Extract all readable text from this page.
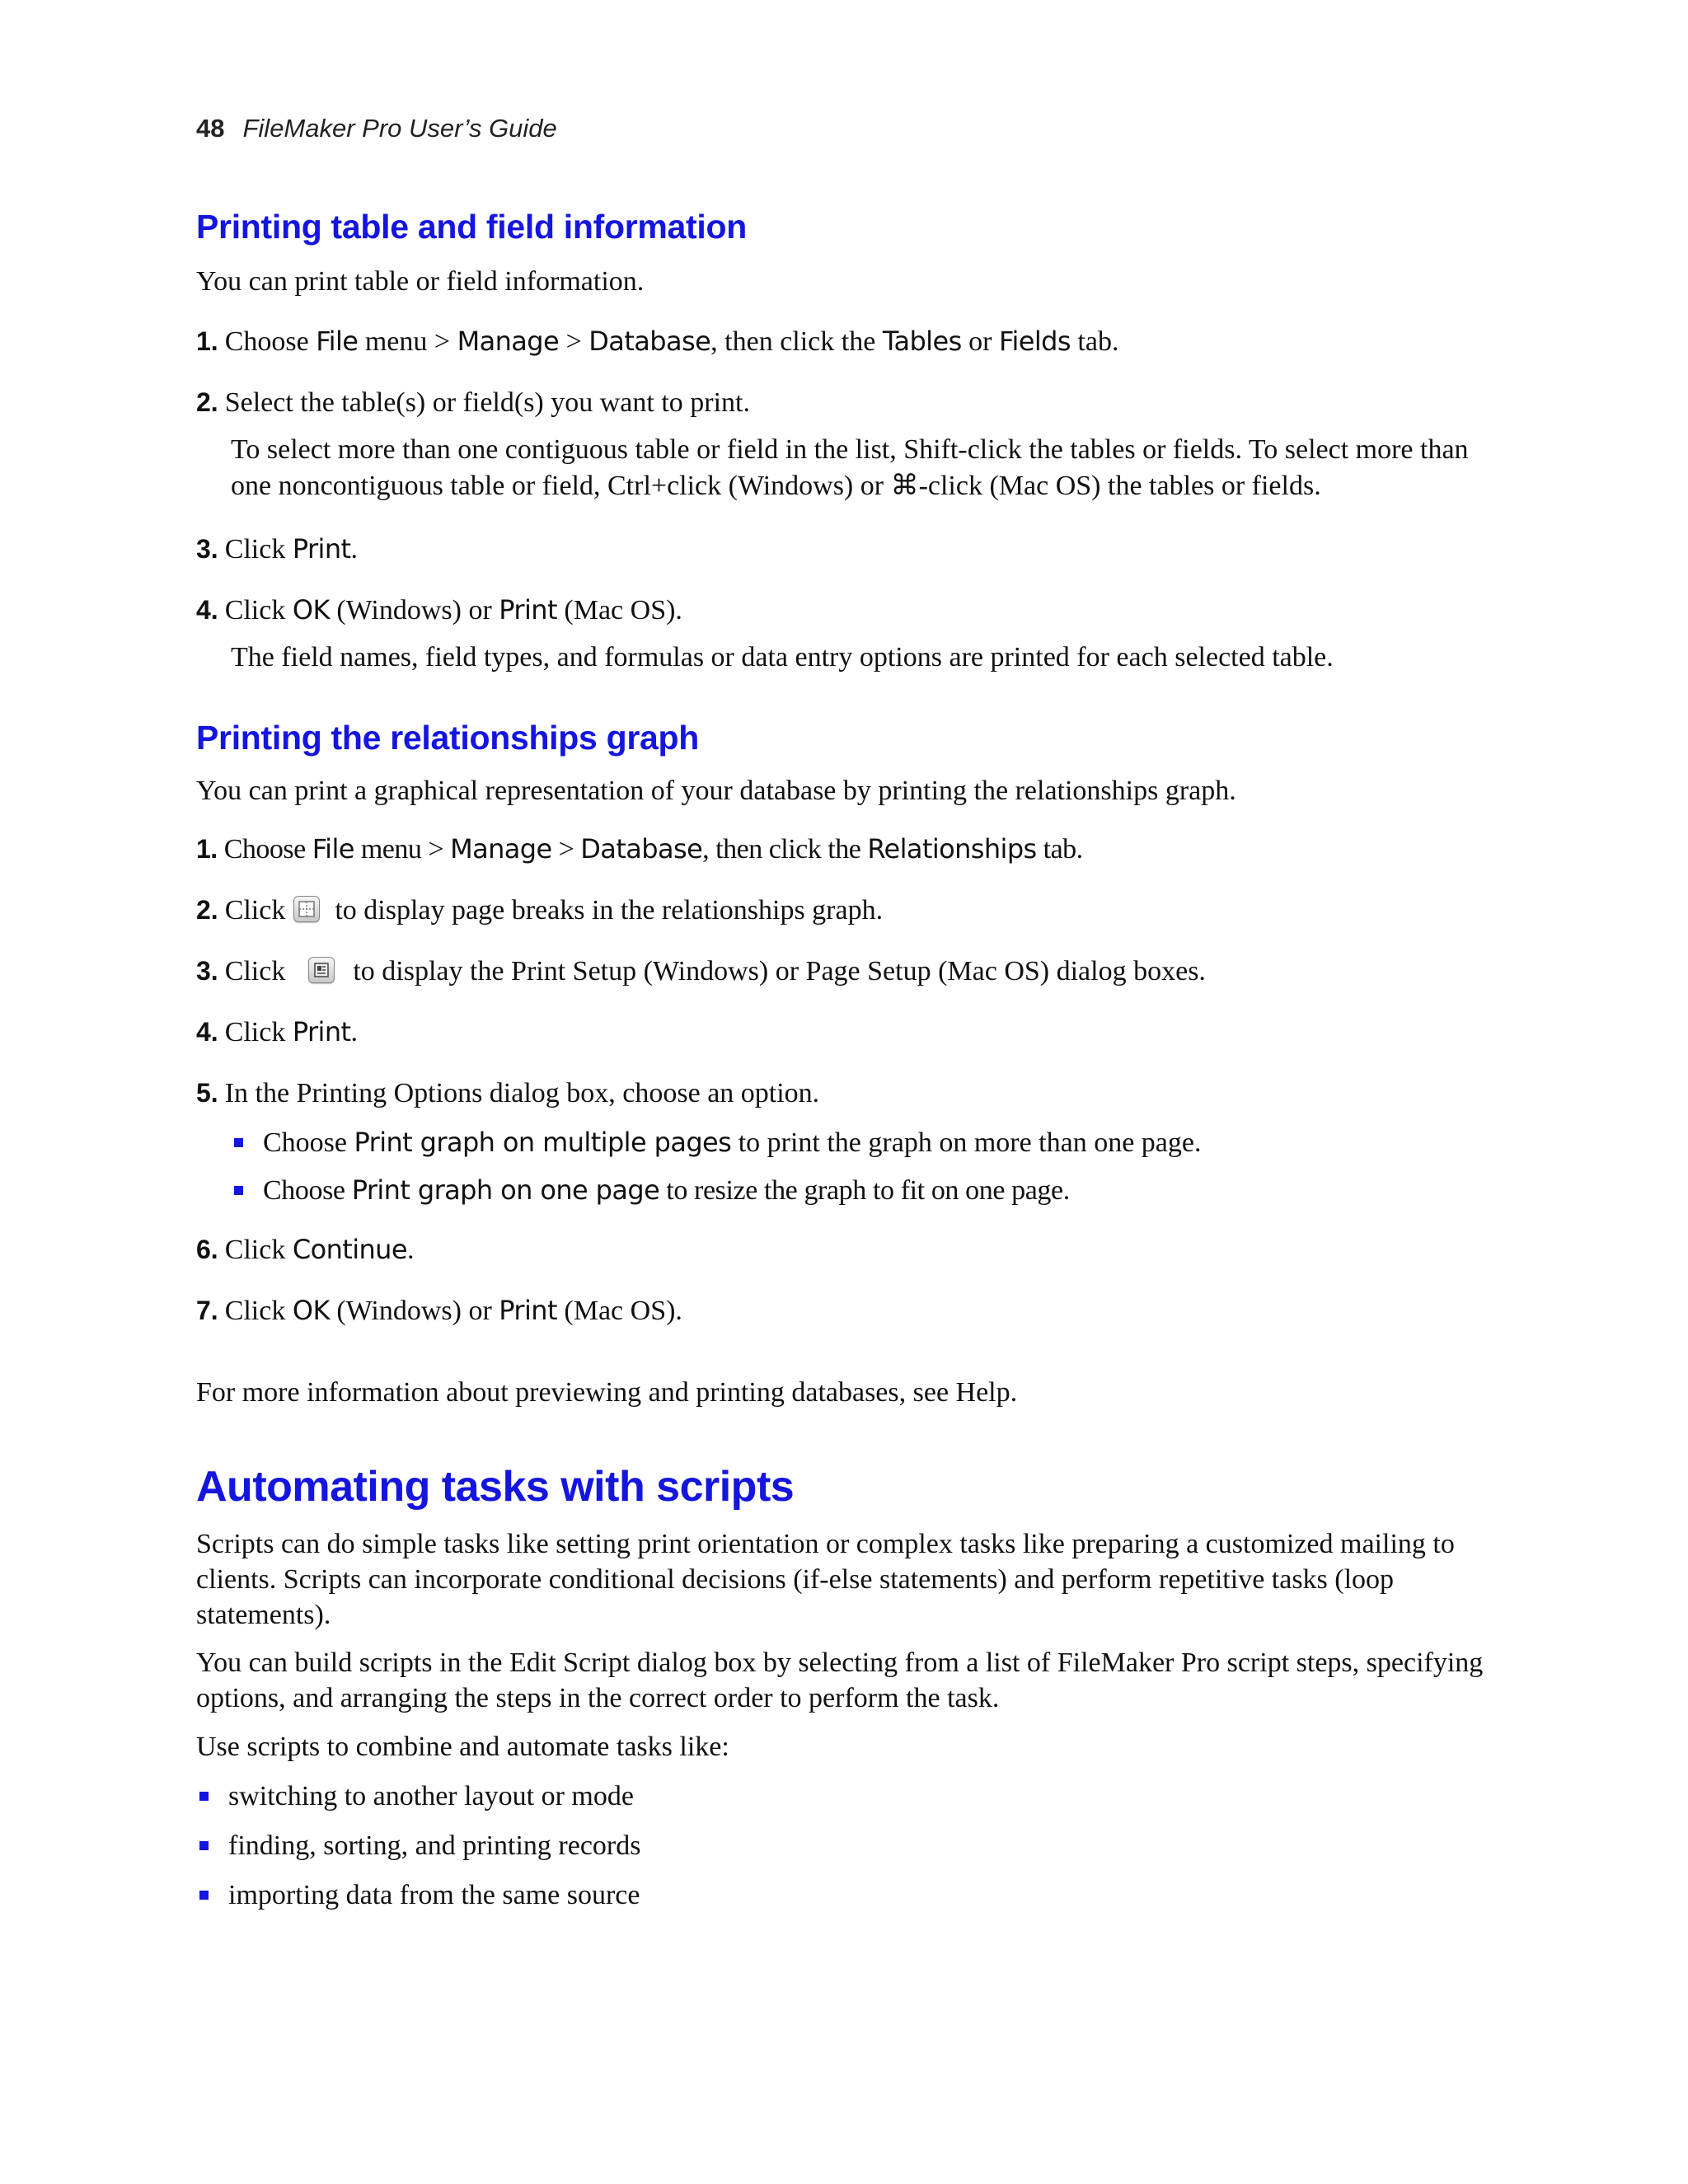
48 FileMaker Pro User’s Guide
Printing table and field information

You can print table or field information.

1. Choose File menu > Manage > Database, then click the Tables or Fields tab.

2. Select the table(s) or field(s) you want to print.

To select more than one contiguous table or field in the list, Shift-click the tables or fields. To select more than one noncontiguous table or field, Ctrl+click (Windows) or ⌘-click (Mac OS) the tables or fields.

3. Click Print.

4. Click OK (Windows) or Print (Mac OS).

The field names, field types, and formulas or data entry options are printed for each selected table.

Printing the relationships graph

You can print a graphical representation of your database by printing the relationships graph.

1. Choose File menu > Manage > Database, then click the Relationships tab.

2. Click to display page breaks in the relationships graph.

3. Click to display the Print Setup (Windows) or Page Setup (Mac OS) dialog boxes.

4. Click Print.

5. In the Printing Options dialog box, choose an option.

Choose Print graph on multiple pages to print the graph on more than one page.

Choose Print graph on one page to resize the graph to fit on one page.

6. Click Continue.

7. Click OK (Windows) or Print (Mac OS).

For more information about previewing and printing databases, see Help.

Automating tasks with scripts

Scripts can do simple tasks like setting print orientation or complex tasks like preparing a customized mailing to clients. Scripts can incorporate conditional decisions (if-else statements) and perform repetitive tasks (loop statements).

You can build scripts in the Edit Script dialog box by selecting from a list of FileMaker Pro script steps, specifying options, and arranging the steps in the correct order to perform the task.

Use scripts to combine and automate tasks like:

switching to another layout or mode

finding, sorting, and printing records

importing data from the same source
